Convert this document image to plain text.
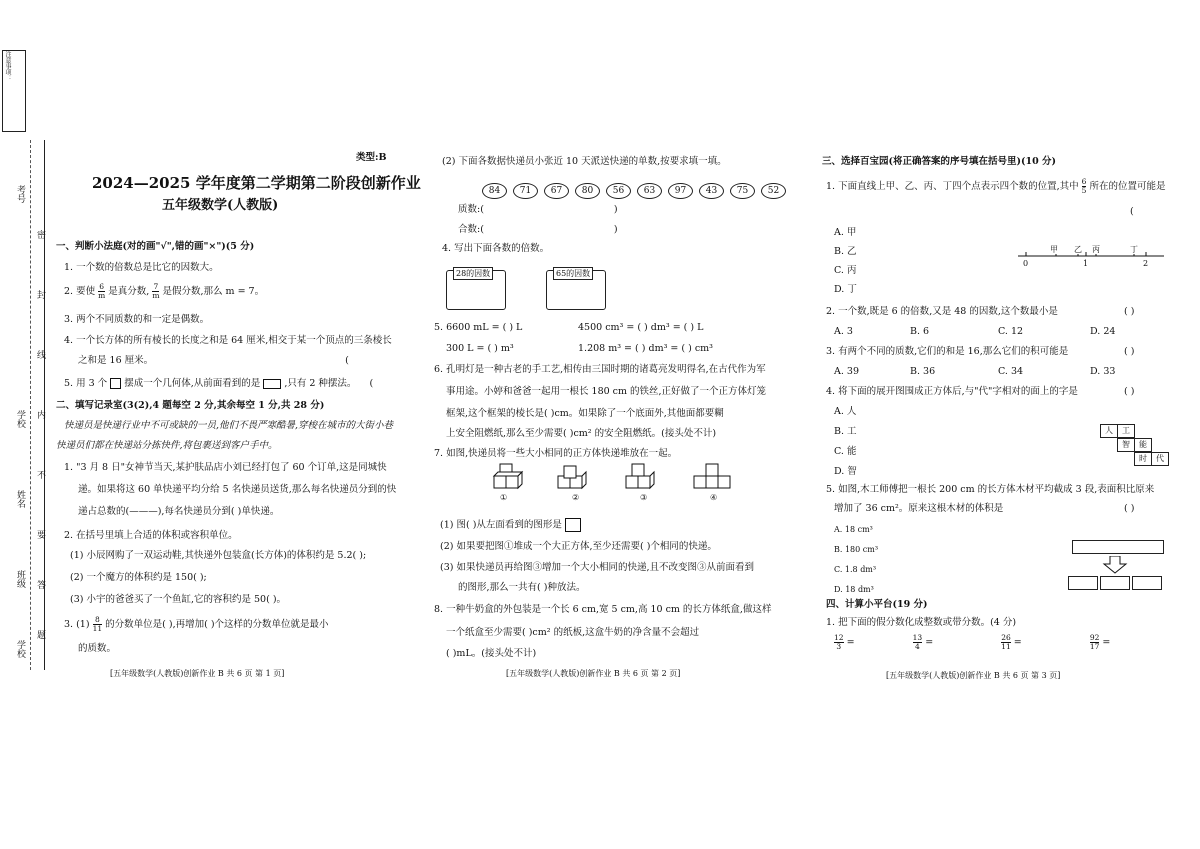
密
封
线
内
不
要
答
题
考号
学校
姓名
班级
学校
注意事项：
类型:B
2024—2025 学年度第二学期第二阶段创新作业
五年级数学(人教版)
一、判断小法庭(对的画"√",错的画"×")(5 分)
1. 一个数的倍数总是比它的因数大。
2. 要使 $\frac{6}{m}$ 是真分数, $\frac{7}{m}$ 是假分数,那么 m = 7。
3. 两个不同质数的和一定是偶数。
4. 一个长方体的所有棱长的长度之和是 64 厘米,相交于某一个顶点的三条棱长
之和是 16 厘米。	(
5. 用 3 个 摆成一个几何体,从前面看到的是	,只有 2 种摆法。 (
二、填写记录室(3(2),4 题每空 2 分,其余每空 1 分,共 28 分)
快递员是快递行业中不可或缺的一员,他们不畏严寒酷暑,穿梭在城市的大街小巷
快递员们都在快递站分拣快件,将包裹送到客户手中。
1. "3 月 8 日"女神节当天,某护肤品店小刘已经打包了 60 个订单,这是同城快
递。如果将这 60 单快递平均分给 5 名快递员送货,那么每名快递员分到的快
递占总数的(———),每名快递员分到( )单快递。
2. 在括号里填上合适的体积或容积单位。
(1) 小辰网购了一双运动鞋,其快递外包装盒(长方体)的体积约是 5.2( );
(2) 一个魔方的体积约是 150( );
(3) 小宇的爸爸买了一个鱼缸,它的容积约是 50( )。
3. $(1) \frac{8}{11}$ 的分数单位是( ),再增加( )个这样的分数单位就是最小
的质数。
[五年级数学(人教版)创新作业 B 共 6 页 第 1 页]
(2) 下面各数据快递员小张近 10 天派送快递的单数,按要求填一填。
84 71 67 80 56 63 97 43 75 52
质数:(	)
合数:(	)
4. 写出下面各数的倍数。
28的因数	65的因数
5. 6600 mL = ( ) L	4500 cm³ = ( ) dm³ = ( ) L
300 L = ( ) m³	1.208 m³ = ( ) dm³ = ( ) cm³
6. 孔明灯是一种古老的手工艺,相传由三国时期的诸葛亮发明得名,在古代作为军
事用途。小婷和爸爸一起用一根长 180 cm 的铁丝,正好做了一个正方体灯笼
框架,这个框架的棱长是( )cm。如果除了一个底面外,其他面都要糊
上安全阻燃纸,那么至少需要( )cm² 的安全阻燃纸。(接头处不计)
7. 如图,快递员将一些大小相同的正方体快递堆放在一起。
①	②	③	④
(1) 图( )从左面看到的图形是
(2) 如果要把图①堆成一个大正方体,至少还需要( )个相同的快递。
(3) 如果快递员再给图③增加一个大小相同的快递,且不改变图③从前面看到
的图形,那么一共有( )种放法。
8. 一种牛奶盒的外包装是一个长 6 cm,宽 5 cm,高 10 cm 的长方体纸盒,做这样
一个纸盒至少需要( )cm² 的纸板,这盒牛奶的净含量不会超过
( )mL。(接头处不计)
[五年级数学(人教版)创新作业 B 共 6 页 第 2 页]
三、选择百宝园(将正确答案的序号填在括号里)(10 分)
1. 下面直线上甲、乙、丙、丁四个点表示四个数的位置,其中 $\frac{6}{5}$ 所在的位置可能是
(
A. 甲
B. 乙
C. 丙
D. 丁
甲 乙 丙	丁
0	1	2
2. 一个数,既是 6 的倍数,又是 48 的因数,这个数最小是	( )
A. 3	B. 6	C. 12	D. 24
3. 有两个不同的质数,它们的和是 16,那么它们的积可能是	( )
A. 39	B. 36	C. 34	D. 33
4. 将下面的展开图围成正方体后,与"代"字相对的面上的字是	( )
A. 人
B. 工
C. 能
D. 智
人	工
智	能
时	代
5. 如图,木工师傅把一根长 200 cm 的长方体木材平均截成 3 段,表面积比原来
增加了 36 cm²。原来这根木材的体积是	( )
A. 18 cm³
B. 180 cm³
C. 1.8 dm³
D. 18 dm³
四、计算小平台(19 分)
1. 把下面的假分数化成整数或带分数。(4 分)
$\frac{12}{3}$ =	$\frac{13}{4}$ =	$\frac{26}{11}$ =	$\frac{92}{17}$ =
[五年级数学(人教版)创新作业 B 共 6 页 第 3 页]
